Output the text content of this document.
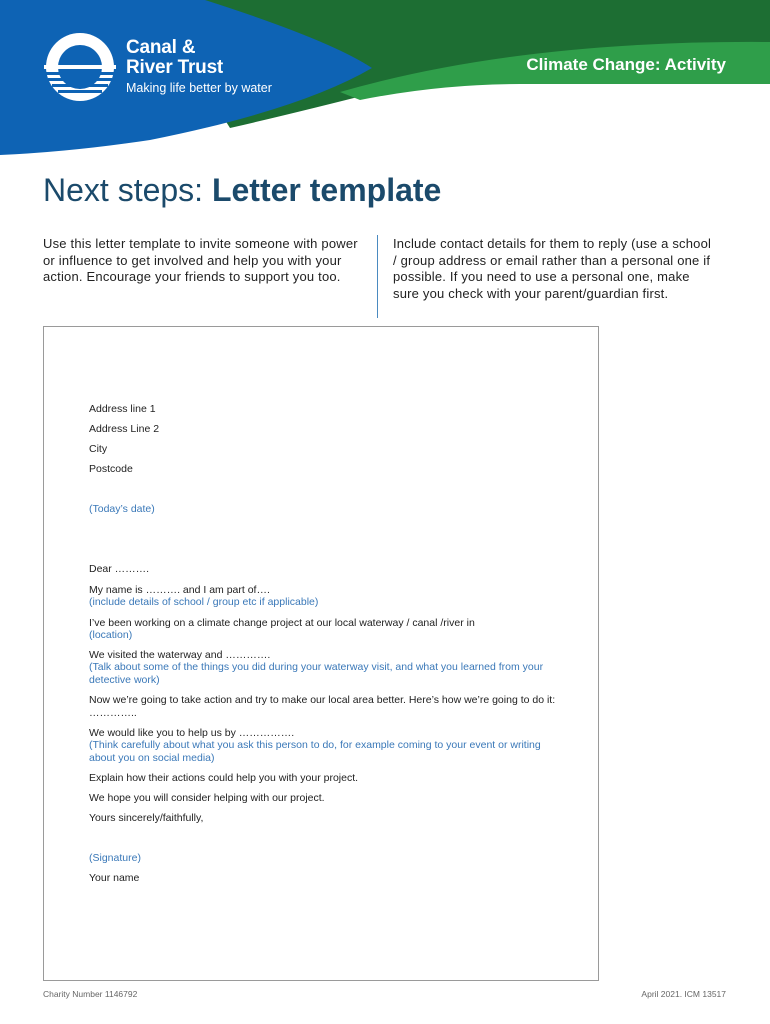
Canal &
River Trust
Making life better by water
Climate Change: Activity
Next steps: Letter template
Use this letter template to invite someone with power or influence to get involved and help you with your action. Encourage your friends to support you too.
Include contact details for them to reply (use a school / group address or email rather than a personal one if possible. If you need to use a personal one, make sure you check with your parent/guardian first.
Address line 1
Address Line 2
City
Postcode
(Today’s date)
Dear ……….
My name is ………. and I am part of….
(include details of school / group etc if applicable)
I’ve been working on a climate change project at our local waterway / canal /river in
(location)
We visited the waterway and ………….
(Talk about some of the things you did during your waterway visit, and what you learned from your detective work)
Now we’re going to take action and try to make our local area better. Here’s how we’re going to do it: …………..
We would like you to help us by …………….
(Think carefully about what you ask this person to do, for example coming to your event or writing about you on social media)
Explain how their actions could help you with your project.
We hope you will consider helping with our project.
Yours sincerely/faithfully,
(Signature)
Your name
Charity Number 1146792	April 2021. ICM 13517
